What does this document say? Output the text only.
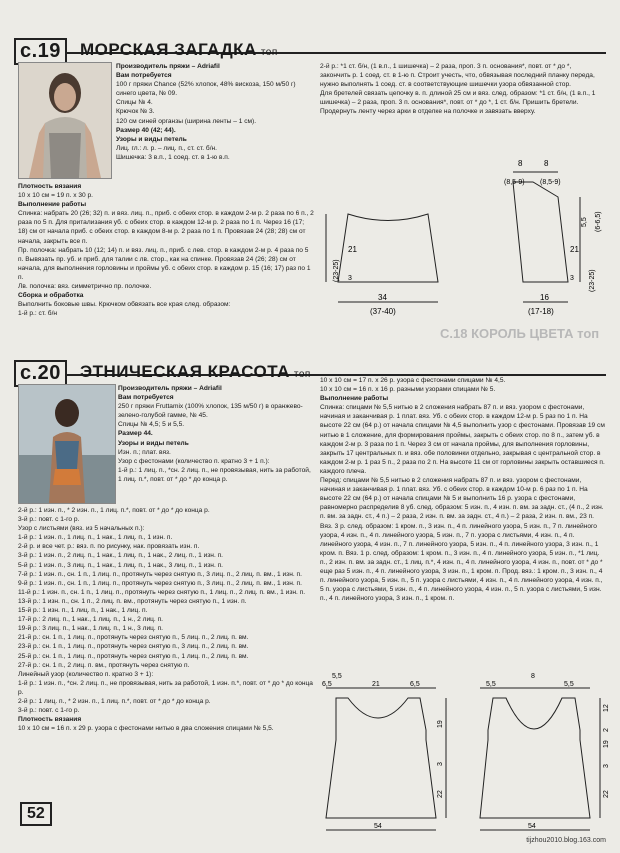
с.19 МОРСКАЯ ЗАГАДКА топ

Производитель пряжи – Adriafil

Вам потребуется

100 г пряжи Chance (52% хлопок, 48% вискоза, 150 м/50 г) синего цвета, № 09.

Спицы № 4.

Крючок № 3.

120 см синей органзы (ширина ленты – 1 см).

Размер 40 (42; 44).

Узоры и виды петель

Лиц. гл.: л. р. – лиц. п., ст. ст. б/н.

Шишечка: 3 в.п., 1 соед. ст. в 1-ю в.п.

Плотность вязания

10 х 10 см = 19 п. х 30 р.

Выполнение работы

Спинка: набрать 20 (26; 32) п. и вяз. лиц. п., приб. с обеих стор. в каждом 2-м р. 2 раза по 6 п., 2 раза по 5 п. Для притализания уб. с обеих стор. в каждом 12-м р. 2 раза по 1 п. Через 16 (17; 18) см от начала приб. с обеих стор. в каждом 8-м р. 2 раза по 1 п. Провязав 24 (28; 28) см от начала, закрыть все п.

Пр. полочка: набрать 10 (12; 14) п. и вяз. лиц. п., приб. с лев. стор. в каждом 2-м р. 4 раза по 5 п. Вывязать пр. уб. и приб. для талии с лв. стор., как на спинке. Провязав 24 (26; 28) см от начала, для выполнения горловины и проймы уб. с обеих стор. в каждом р. 15 (16; 17) раз по 1 п.

Лв. полочка: вяз. симметрично пр. полочке.

Сборка и обработка

Выполнить боковые швы. Крючком обвязать все края след. образом:

1-й р.: ст. б/н

2-й р.: *1 ст. б/н, (1 в.п., 1 шишечка) – 2 раза, проп. 3 п. основания*, повт. от * до *, закончить р. 1 соед. ст. в 1-ю п. Строит учесть, что, обвязывая последний планку переда, нужно выполнять 1 соед. ст. в соответствующие шишечки узора обвязанной стор.

Для бретелей связать цепочку в. п. длиной 25 см и вяз. след. образом: *1 ст. б/н, (1 в.п., 1 шишечка) – 2 раза, проп. 3 п. основания*, повт. от * до *, 1 ст. б/н. Пришить бретели. Продернуть ленту через арки в отделке на полочке и завязать вверху.

34
(37-40)
21
(23-25) 3
16
(17-18)
21
(23-25)
3
8	8
(8,5-9) (8,5-9)
5,5 (6-6,5)
С.18 КОРОЛЬ ЦВЕТА топ
с.20 ЭТНИЧЕСКАЯ КРАСОТА топ

Производитель пряжи – Adriafil

Вам потребуется

250 г пряжи Fruttamix (100% хлопок, 135 м/50 г) в оранжево-зелено-голубой гамме, № 45.

Спицы № 4,5; 5 и 5,5.

Размер 44.

Узоры и виды петель

Изн. п.; плат. вяз.

Узор с фестонами (количество п. кратно 3 + 1 п.):

1-й р.: 1 лиц. п., *сн. 2 лиц. п., не провязывая, нить за работой, 1 лиц. п.*, повт. от * до * до конца р.

2-й р.: 1 изн. п., * 2 изн. п., 1 лиц. п.*, повт. от * до * до конца р.

3-й р.: повт. с 1-го р.

Узор с листьями (вяз. из 5 начальных п.):

1-й р.: 1 изн. п., 1 лиц. п., 1 нак., 1 лиц. п., 1 изн. п.

2-й р. и все чет. р.: вяз. п. по рисунку, нак. провязать изн. п.

3-й р.: 1 изн. п., 2 лиц. п., 1 нак., 1 лиц. п., 1 нак., 2 лиц. п., 1 изн. п.

5-й р.: 1 изн. п., 3 лиц. п., 1 нак., 1 лиц. п., 1 нак., 3 лиц. п., 1 изн. п.

7-й р.: 1 изн. п., сн. 1 п., 1 лиц. п., протянуть через снятую п., 3 лиц. п., 2 лиц. п. вм., 1 изн. п.

9-й р.: 1 изн. п., сн. 1 п., 1 лиц. п., протянуть через снятую п., 3 лиц. п., 2 лиц. п. вм., 1 изн. п.

11-й р.: 1 изн. п., сн. 1 п., 1 лиц. п., протянуть через снятую п., 1 лиц. п., 2 лиц. п. вм., 1 изн. п.

13-й р.: 1 изн. п., сн. 1 п., 2 лиц. п. вм., протянуть через снятую п., 1 изн. п.

15-й р.: 1 изн. п., 1 лиц. п., 1 нак., 1 лиц. п.

17-й р.: 2 лиц. п., 1 нак., 1 лиц. п., 1 н., 2 лиц. п.

19-й р.: 3 лиц. п., 1 нак., 1 лиц. п., 1 н., 3 лиц. п.

21-й р.: сн. 1 п., 1 лиц. п., протянуть через снятую п., 5 лиц. п., 2 лиц. п. вм.

23-й р.: сн. 1 п., 1 лиц. п., протянуть через снятую п., 3 лиц. п., 2 лиц. п. вм.

25-й р.: сн. 1 п., 1 лиц. п., протянуть через снятую п., 1 лиц. п., 2 лиц. п. вм.

27-й р.: сн. 1 п., 2 лиц. п. вм., протянуть через снятую п.

Линейный узор (количество п. кратно 3 + 1):

1-й р.: 1 изн. п., *сн. 2 лиц. п., не провязывая, нить за работой, 1 изн. п.*, повт. от * до * до конца р.

2-й р.: 1 лиц. п., * 2 изн. п., 1 лиц. п.*, повт. от * до * до конца р.

3-й р.: повт. с 1-го р.

Плотность вязания

10 х 10 см = 16 п. х 29 р. узора с фестонами нитью в два сложения спицами № 5,5.

10 х 10 см = 17 п. х 26 р. узора с фестонами спицами № 4,5.

10 х 10 см = 16 п. х 16 р. разными узорами спицами № 5.

Выполнение работы

Спинка: спицами № 5,5 нитью в 2 сложения набрать 87 п. и вяз. узором с фестонами, начиная и заканчивая р. 1 плат. вяз. Уб. с обеих стор. в каждом 12-м р. 5 раз по 1 п. На высоте 22 см (64 р.) от начала спицами № 4,5 выполнить узор с фестонами. Провязав 19 см нитью в 1 сложение, для формирования проймы, закрыть с обеих стор. по 8 п., затем уб. в каждом 2-м р. 3 раза по 1 п. Через 3 см от начала проймы, для выполнения горловины, закрыть 17 центральных п. и вяз. обе половинки отдельно, закрывая с центральной стор. в каждом 2-м р. 1 раз 5 п., 2 раза по 2 п. На высоте 11 см от горловины закрыть оставшиеся п. каждого плеча.

Перед: спицами № 5,5 нитью в 2 сложения набрать 87 п. и вяз. узором с фестонами, начиная и заканчивая р. 1 плат. вяз. Уб. с обеих стор. в каждом 10-м р. 6 раз по 1 п. На высоте 22 см (64 р.) от начала спицами № 5 и выполнить 16 р. узора с фестонами, равномерно распределив 8 уб. след. образом: 5 изн. п., 4 изн. п. вм. за задн. ст., (4 п., 2 изн. п. вм. за задн. ст., 4 п.) – 2 раза, 2 изн. п. вм. за задн. ст., 4 п.) – 2 раза, 2 изн. п. вм., 23 п. Вяз. 3 р. след. образом: 1 кром. п., 3 изн. п., 4 п. линейного узора, 5 изн. п., 7 п. линейного узора, 4 изн. п., 4 п. линейного узора, 5 изн. п., 7 п. узора с листьями, 4 изн. п., 4 п. линейного узора, 4 изн. п., 7 п. линейного узора, 5 изн. п., 4 п. линейного узора, 3 изн. п., 1 кром. п. Вяз. 1 р. след. образом: 1 кром. п., 3 изн. п., 4 п. линейного узора, 5 изн. п., *1 лиц. п., 2 изн. п. вм. за задн. ст., 1 лиц. п.*, 4 изн. п., 4 п. линейного узора, 4 изн. п., повт. от * до * еще раз 5 изн. п., 4 п. линейного узора, 3 изн. п., 1 кром. п. Прод. вяз.: 1 кром. п., 3 изн. п., 4 п. линейного узора, 5 изн. п., 5 п. узора с листьями, 4 изн. п., 4 п. линейного узора, 4 изн. п., 5 п. узора с листьями, 5 изн. п., 4 п. линейного узора, 4 изн. п., 5 п. узора с листьями, 5 изн. п., 4 п. линейного узора, 3 изн. п., 1 кром. п.

6,5	21	6,5
5,5
19
3
22
54
5,5	5,5
8
12
2
19
3
22
54
52
tijzhou2010.blog.163.com
